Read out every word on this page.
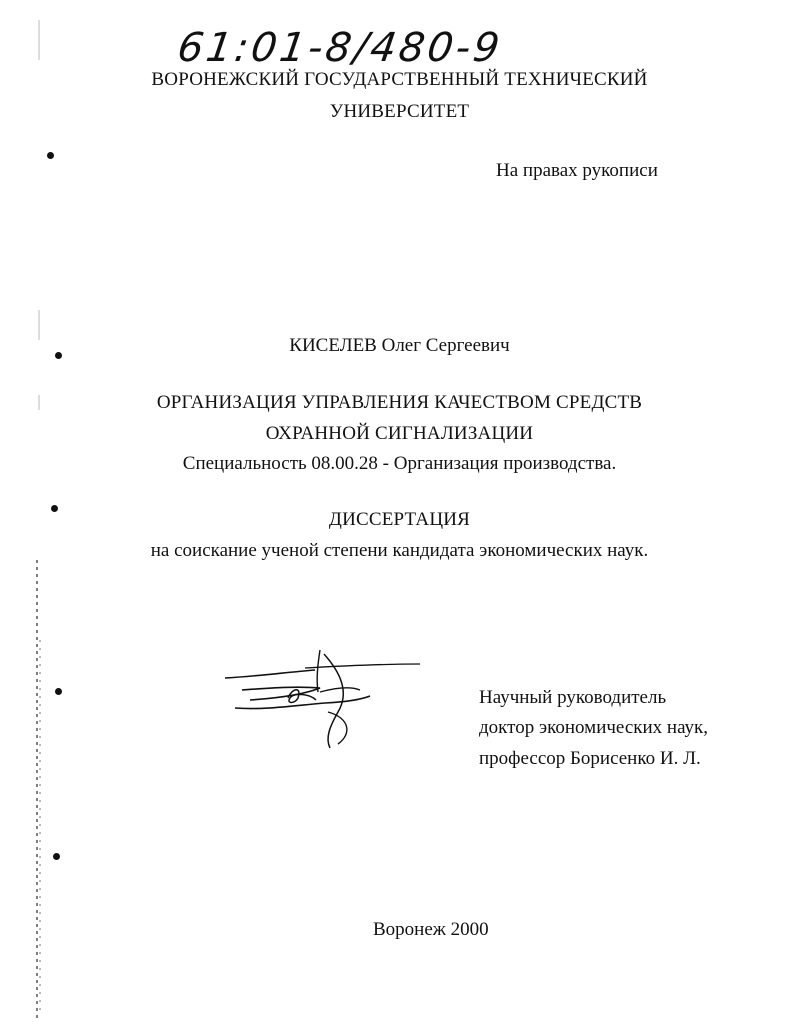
61:01-8/480-9
ВОРОНЕЖСКИЙ ГОСУДАРСТВЕННЫЙ ТЕХНИЧЕСКИЙ
УНИВЕРСИТЕТ
На правах рукописи
КИСЕЛЕВ Олег Сергеевич
ОРГАНИЗАЦИЯ УПРАВЛЕНИЯ КАЧЕСТВОМ СРЕДСТВ
ОХРАННОЙ СИГНАЛИЗАЦИИ
Специальность 08.00.28 - Организация производства.
ДИССЕРТАЦИЯ
на соискание ученой степени кандидата экономических наук.
Научный руководитель
доктор экономических наук,
профессор Борисенко И. Л.
Воронеж 2000
